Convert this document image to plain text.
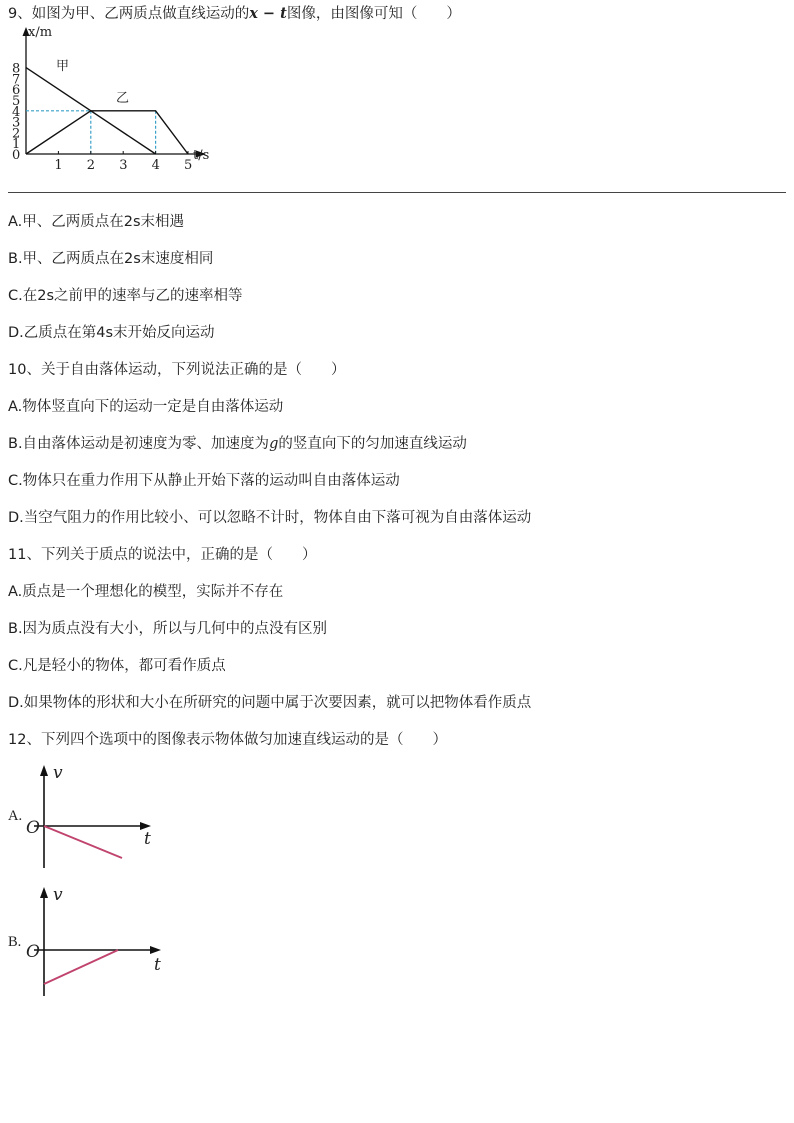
9、如图为甲、乙两质点做直线运动的x − t图像，由图像可知（　　）
8
7
6
5
4
3
2
1
0
1 2 3 4 5
x/m
t/s
甲
乙
A.甲、乙两质点在2s末相遇
B.甲、乙两质点在2s末速度相同
C.在2s之前甲的速率与乙的速率相等
D.乙质点在第4s末开始反向运动
10、关于自由落体运动，下列说法正确的是（　　）
A.物体竖直向下的运动一定是自由落体运动
B.自由落体运动是初速度为零、加速度为g的竖直向下的匀加速直线运动
C.物体只在重力作用下从静止开始下落的运动叫自由落体运动
D.当空气阻力的作用比较小、可以忽略不计时，物体自由下落可视为自由落体运动
11、下列关于质点的说法中，正确的是（　　）
A.质点是一个理想化的模型，实际并不存在
B.因为质点没有大小，所以与几何中的点没有区别
C.凡是轻小的物体，都可看作质点
D.如果物体的形状和大小在所研究的问题中属于次要因素，就可以把物体看作质点
12、下列四个选项中的图像表示物体做匀加速直线运动的是（　　）
A.
v
t
O
B.
v
t
O
